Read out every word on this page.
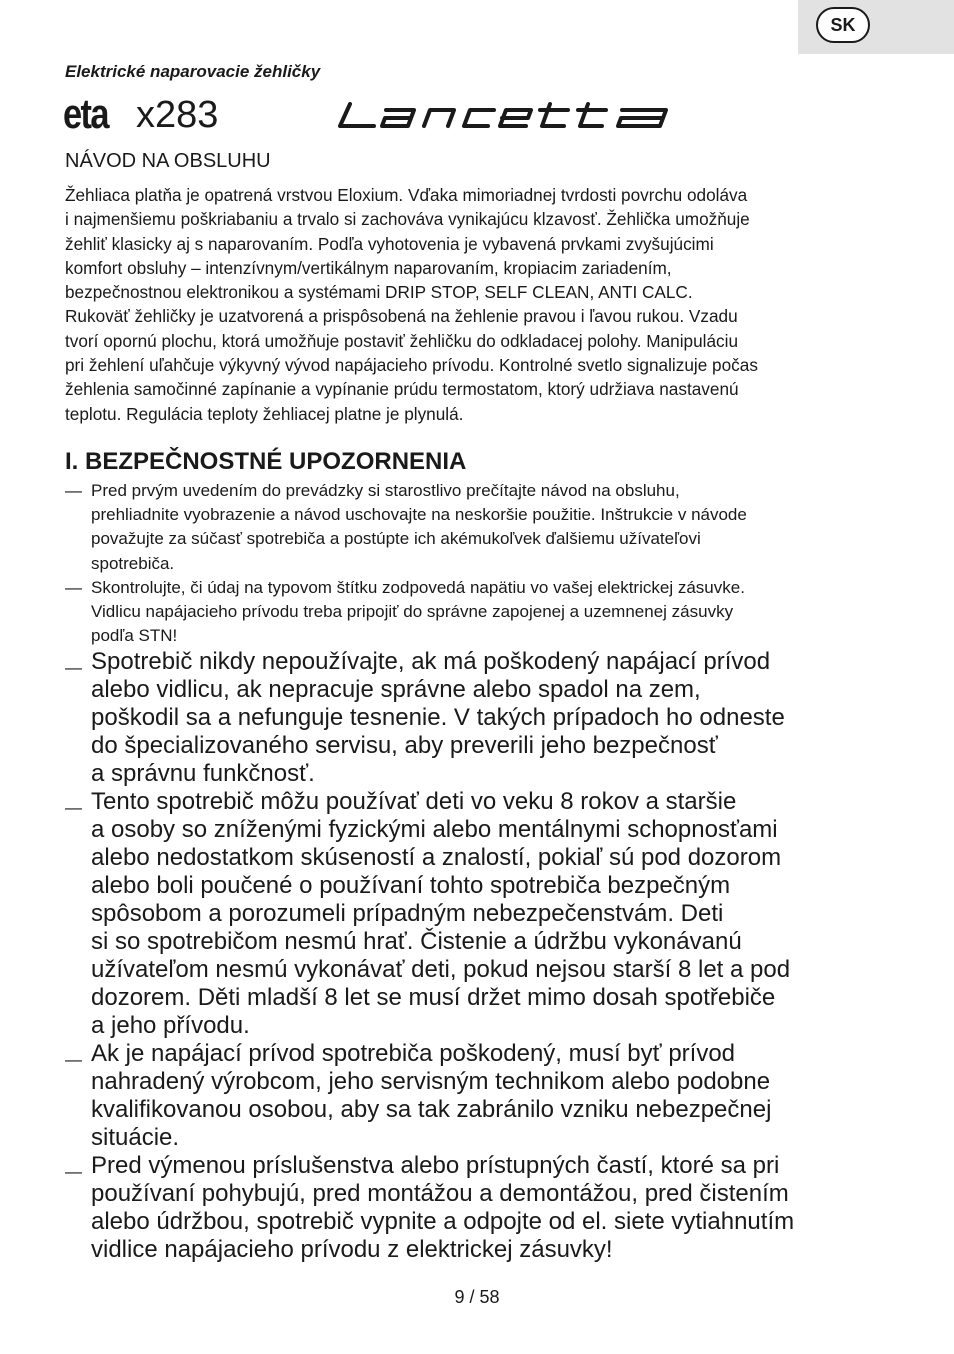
SK
Elektrické naparovacie žehličky
eta x283
NÁVOD NA OBSLUHU
Žehliaca platňa je opatrená vrstvou Eloxium. Vďaka mimoriadnej tvrdosti povrchu odoláva
i najmenšiemu poškriabaniu a trvalo si zachováva vynikajúcu klzavosť. Žehlička umožňuje
žehliť klasicky aj s naparovaním. Podľa vyhotovenia je vybavená prvkami zvyšujúcimi
komfort obsluhy – intenzívnym/vertikálnym naparovaním, kropiacim zariadením,
bezpečnostnou elektronikou a systémami DRIP STOP, SELF CLEAN, ANTI CALC.
Rukoväť žehličky je uzatvorená a prispôsobená na žehlenie pravou i ľavou rukou. Vzadu
tvorí opornú plochu, ktorá umožňuje postaviť žehličku do odkladacej polohy. Manipuláciu
pri žehlení uľahčuje výkyvný vývod napájacieho prívodu. Kontrolné svetlo signalizuje počas
žehlenia samočinné zapínanie a vypínanie prúdu termostatom, ktorý udržiava nastavenú
teplotu. Regulácia teploty žehliacej platne je plynulá.
I. BEZPEČNOSTNÉ UPOZORNENIA
— Pred prvým uvedením do prevádzky si starostlivo prečítajte návod na obsluhu,
prehliadnite vyobrazenie a návod uschovajte na neskoršie použitie. Inštrukcie v návode
považujte za súčasť spotrebiča a postúpte ich akémukoľvek ďalšiemu užívateľovi
spotrebiča.
— Skontrolujte, či údaj na typovom štítku zodpovedá napätiu vo vašej elektrickej zásuvke.
Vidlicu napájacieho prívodu treba pripojiť do správne zapojenej a uzemnenej zásuvky
podľa STN!
— Spotrebič nikdy nepoužívajte, ak má poškodený napájací prívod
alebo vidlicu, ak nepracuje správne alebo spadol na zem,
poškodil sa a nefunguje tesnenie. V takých prípadoch ho odneste
do špecializovaného servisu, aby preverili jeho bezpečnosť
a správnu funkčnosť.
— Tento spotrebič môžu používať deti vo veku 8 rokov a staršie
a osoby so zníženými fyzickými alebo mentálnymi schopnosťami
alebo nedostatkom skúseností a znalostí, pokiaľ sú pod dozorom
alebo boli poučené o používaní tohto spotrebiča bezpečným
spôsobom a porozumeli prípadným nebezpečenstvám. Deti
si so spotrebičom nesmú hrať. Čistenie a údržbu vykonávanú
užívateľom nesmú vykonávať deti, pokud nejsou starší 8 let a pod
dozorem. Děti mladší 8 let se musí držet mimo dosah spotřebiče
a jeho přívodu.
— Ak je napájací prívod spotrebiča poškodený, musí byť prívod
nahradený výrobcom, jeho servisným technikom alebo podobne
kvalifikovanou osobou, aby sa tak zabránilo vzniku nebezpečnej
situácie.
— Pred výmenou príslušenstva alebo prístupných častí, ktoré sa pri
používaní pohybujú, pred montážou a demontážou, pred čistením
alebo údržbou, spotrebič vypnite a odpojte od el. siete vytiahnutím
vidlice napájacieho prívodu z elektrickej zásuvky!
9 / 58
